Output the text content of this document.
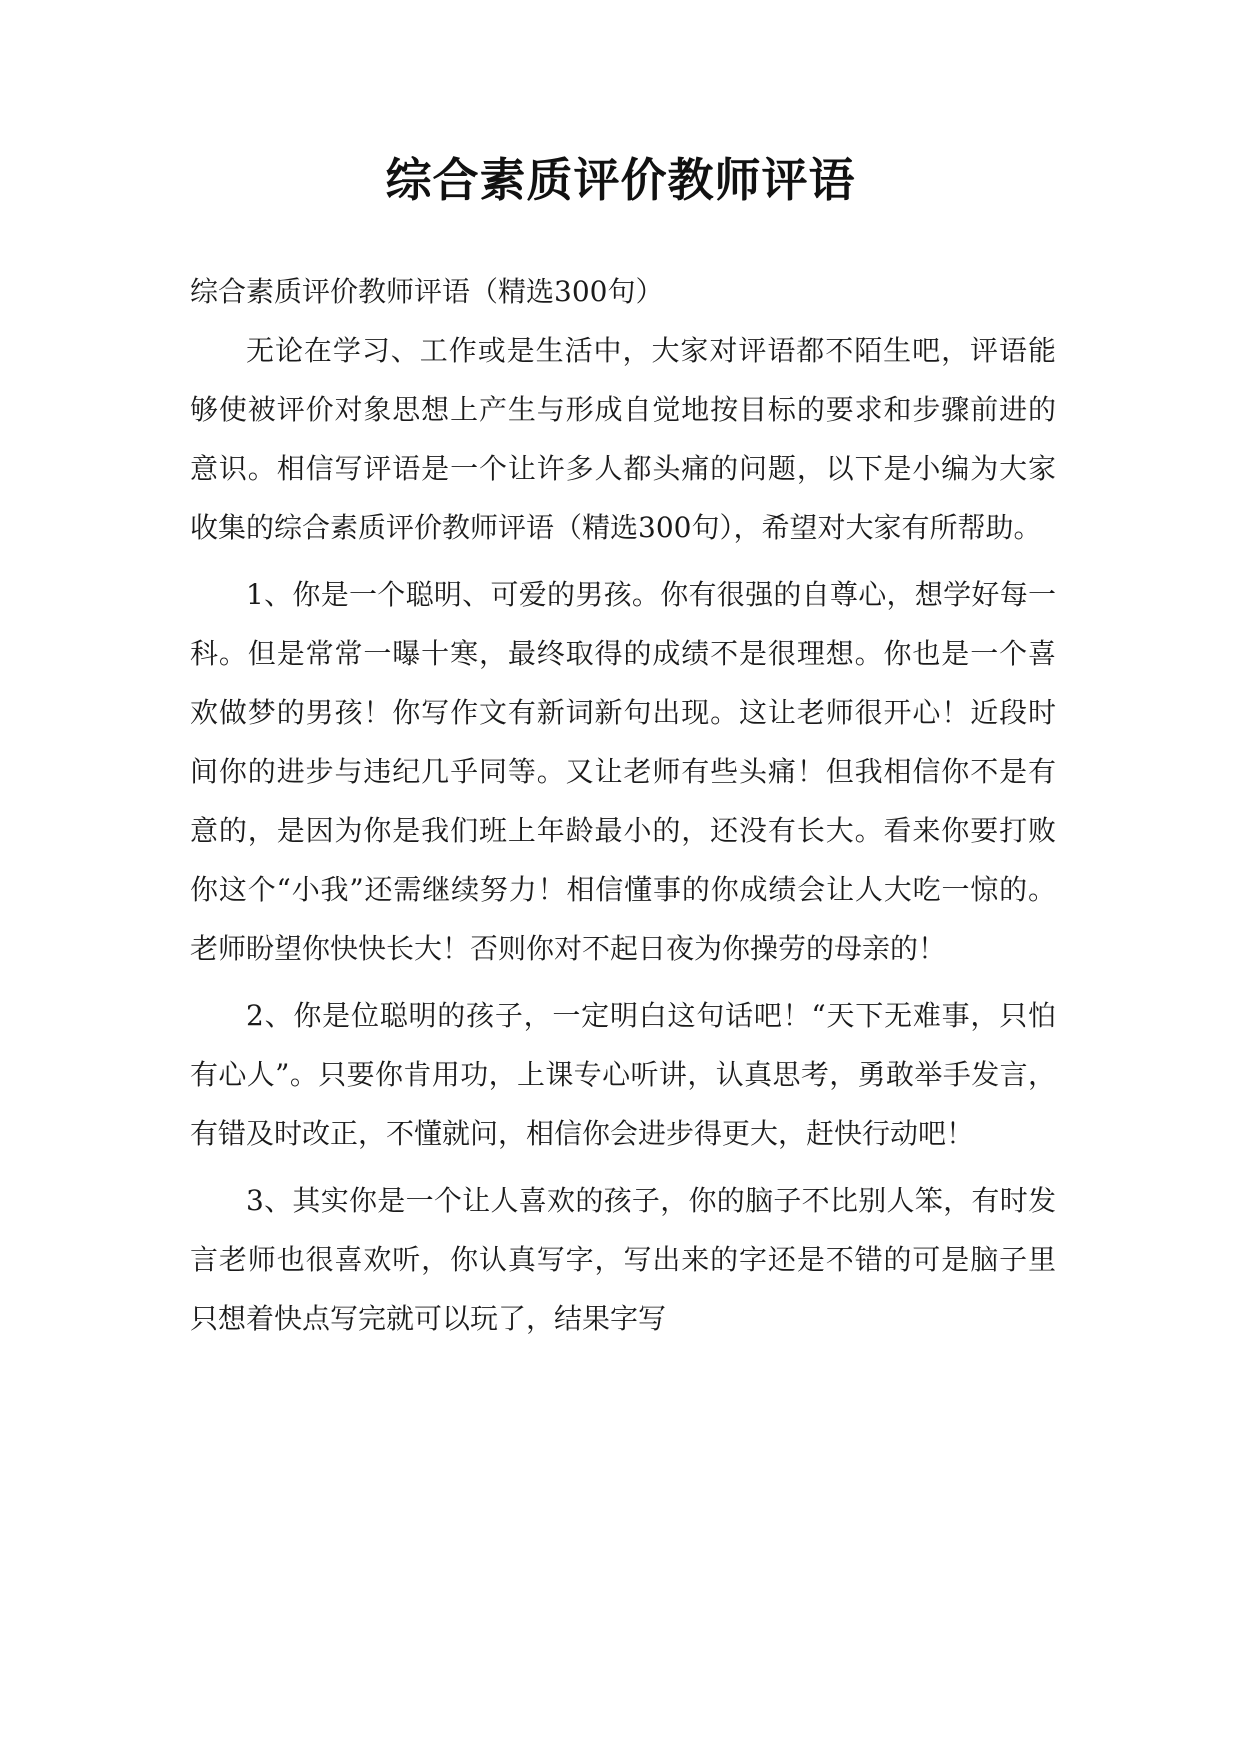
综合素质评价教师评语

综合素质评价教师评语（精选300句）

无论在学习、工作或是生活中，大家对评语都不陌生吧，评语能够使被评价对象思想上产生与形成自觉地按目标的要求和步骤前进的意识。相信写评语是一个让许多人都头痛的问题，以下是小编为大家收集的综合素质评价教师评语（精选300句），希望对大家有所帮助。

1、你是一个聪明、可爱的男孩。你有很强的自尊心，想学好每一科。但是常常一曝十寒，最终取得的成绩不是很理想。你也是一个喜欢做梦的男孩！你写作文有新词新句出现。这让老师很开心！近段时间你的进步与违纪几乎同等。又让老师有些头痛！但我相信你不是有意的，是因为你是我们班上年龄最小的，还没有长大。看来你要打败你这个“小我”还需继续努力！相信懂事的你成绩会让人大吃一惊的。老师盼望你快快长大！否则你对不起日夜为你操劳的母亲的！

2、你是位聪明的孩子，一定明白这句话吧！“天下无难事，只怕有心人”。只要你肯用功，上课专心听讲，认真思考，勇敢举手发言，有错及时改正，不懂就问，相信你会进步得更大，赶快行动吧！

3、其实你是一个让人喜欢的孩子，你的脑子不比别人笨，有时发言老师也很喜欢听，你认真写字，写出来的字还是不错的可是脑子里只想着快点写完就可以玩了，结果字写
